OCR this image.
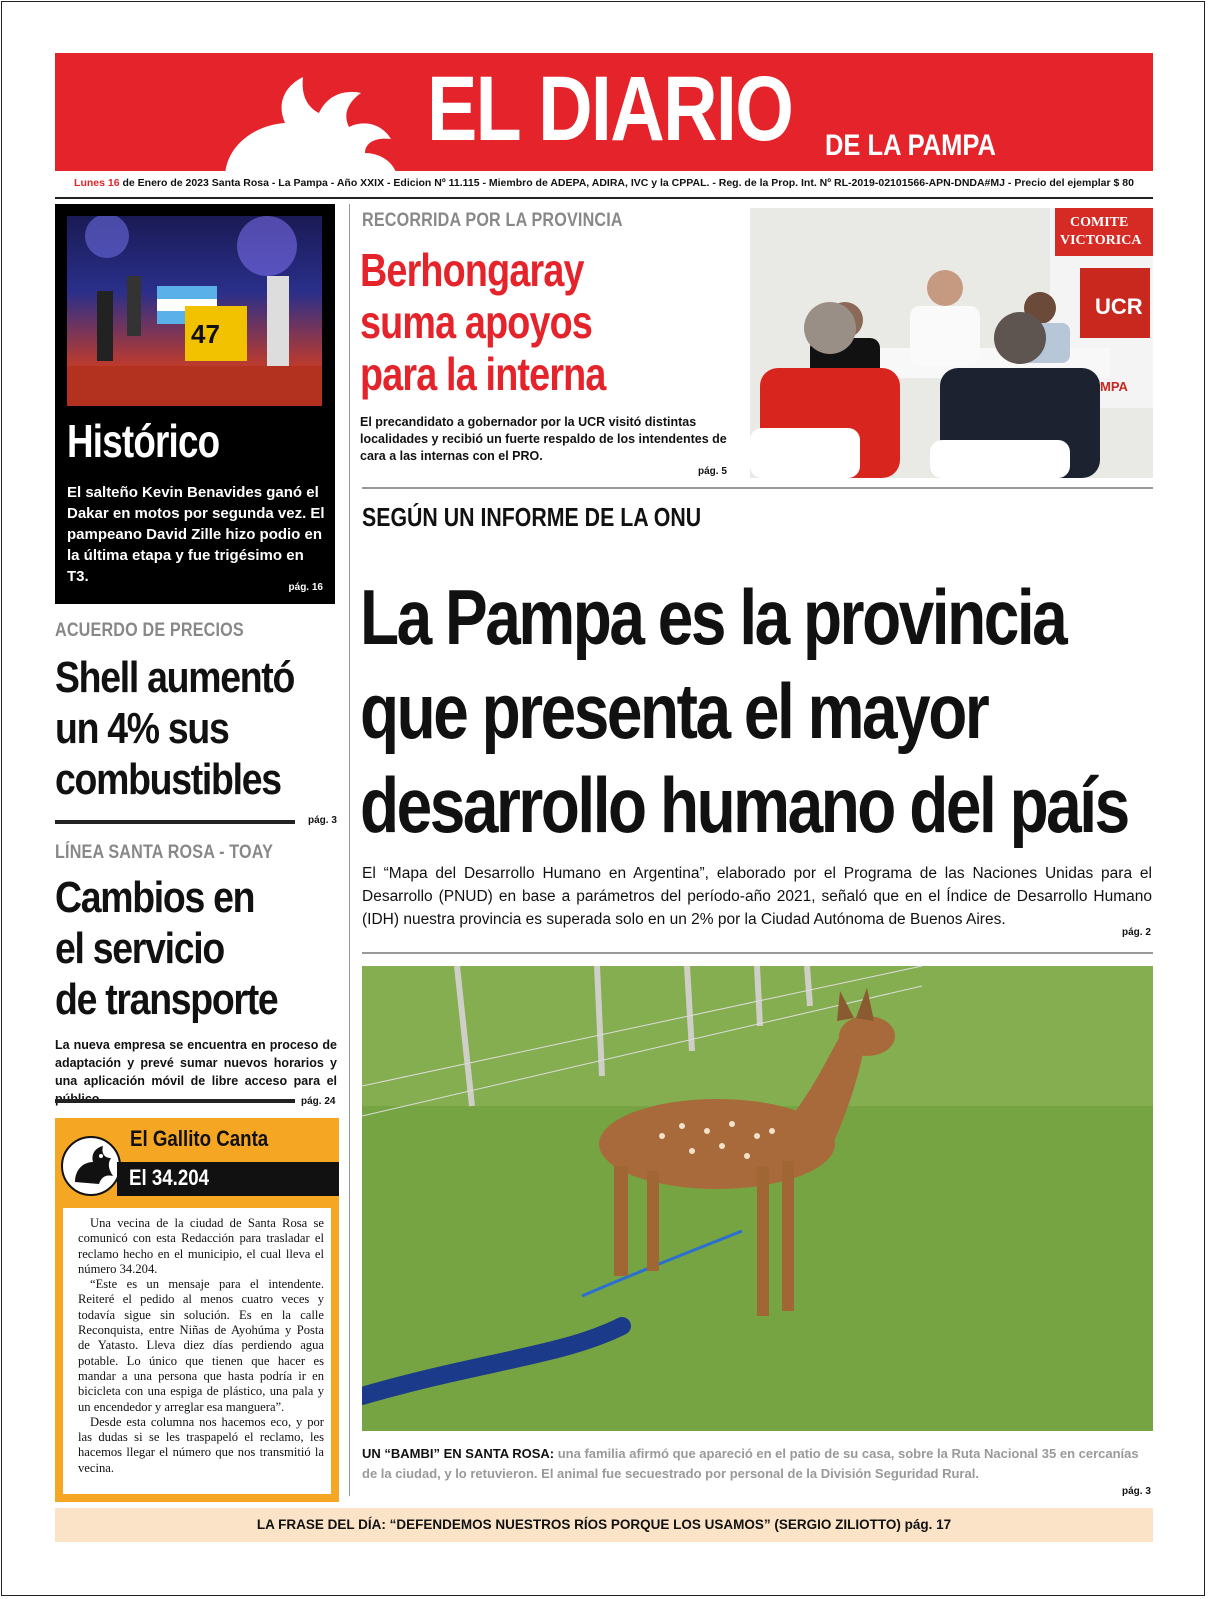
EL DIARIO DE LA PAMPA
Lunes 16 de Enero de 2023 Santa Rosa - La Pampa - Año XXIX - Edicion Nº 11.115 - Miembro de ADEPA, ADIRA, IVC y la CPPAL. - Reg. de la Prop. Int. Nº RL-2019-02101566-APN-DNDA#MJ - Precio del ejemplar $ 80
47
Histórico
El salteño Kevin Benavides ganó el Dakar en motos por segunda vez. El pampeano David Zille hizo podio en la última etapa y fue trigésimo en T3.
pág. 16
ACUERDO DE PRECIOS
Shell aumentó
un 4% sus
combustibles
pág. 3
LÍNEA SANTA ROSA - TOAY
Cambios en
el servicio
de transporte
La nueva empresa se encuentra en proceso de adaptación y prevé sumar nuevos horarios y una aplicación móvil de libre acceso para el
pág. 24
El Gallito Canta
El 34.204

Una vecina de la ciudad de Santa Rosa se comunicó con esta Redacción para trasladar el reclamo hecho en el municipio, el cual lleva el número 34.204.

“Este es un mensaje para el intendente. Reiteré el pedido al menos cuatro veces y todavía sigue sin solución. Es en la calle Reconquista, entre Niñas de Ayohúma y Posta de Yatasto. Lleva diez días perdiendo agua potable. Lo único que tienen que hacer es mandar a una persona que hasta podría ir en bicicleta con una espiga de plástico, una pala y un encendedor y arreglar esa manguera”.

Desde esta columna nos hacemos eco, y por las dudas si se les traspapeló el reclamo, les hacemos llegar el número que nos transmitió la vecina.

RECORRIDA POR LA PROVINCIA
Berhongaray
suma apoyos
para la interna
El precandidato a gobernador por la UCR visitó distintas localidades y recibió un fuerte respaldo de los intendentes de cara a las internas con el PRO.
pág. 5
COMITE
VICTORICA
UCR
MPA
SEGÚN UN INFORME DE LA ONU
La Pampa es la provincia
que presenta el mayor
desarrollo humano del país
El “Mapa del Desarrollo Humano en Argentina”, elaborado por el Programa de las Naciones Unidas para el Desarrollo (PNUD) en base a parámetros del período-año 2021, señaló que en el Índice de Desarrollo Humano (IDH) nuestra provincia es superada solo en un 2% por la Ciudad Autónoma de Buenos Aires.
pág. 2
UN “BAMBI” EN SANTA ROSA: una familia afirmó que apareció en el patio de su casa, sobre la Ruta Nacional 35 en cercanías de la ciudad, y lo retuvieron. El animal fue secuestrado por personal de la División Seguridad Rural.
pág. 3
LA FRASE DEL DÍA: “DEFENDEMOS NUESTROS RÍOS PORQUE LOS USAMOS” (SERGIO ZILIOTTO) pág. 17
